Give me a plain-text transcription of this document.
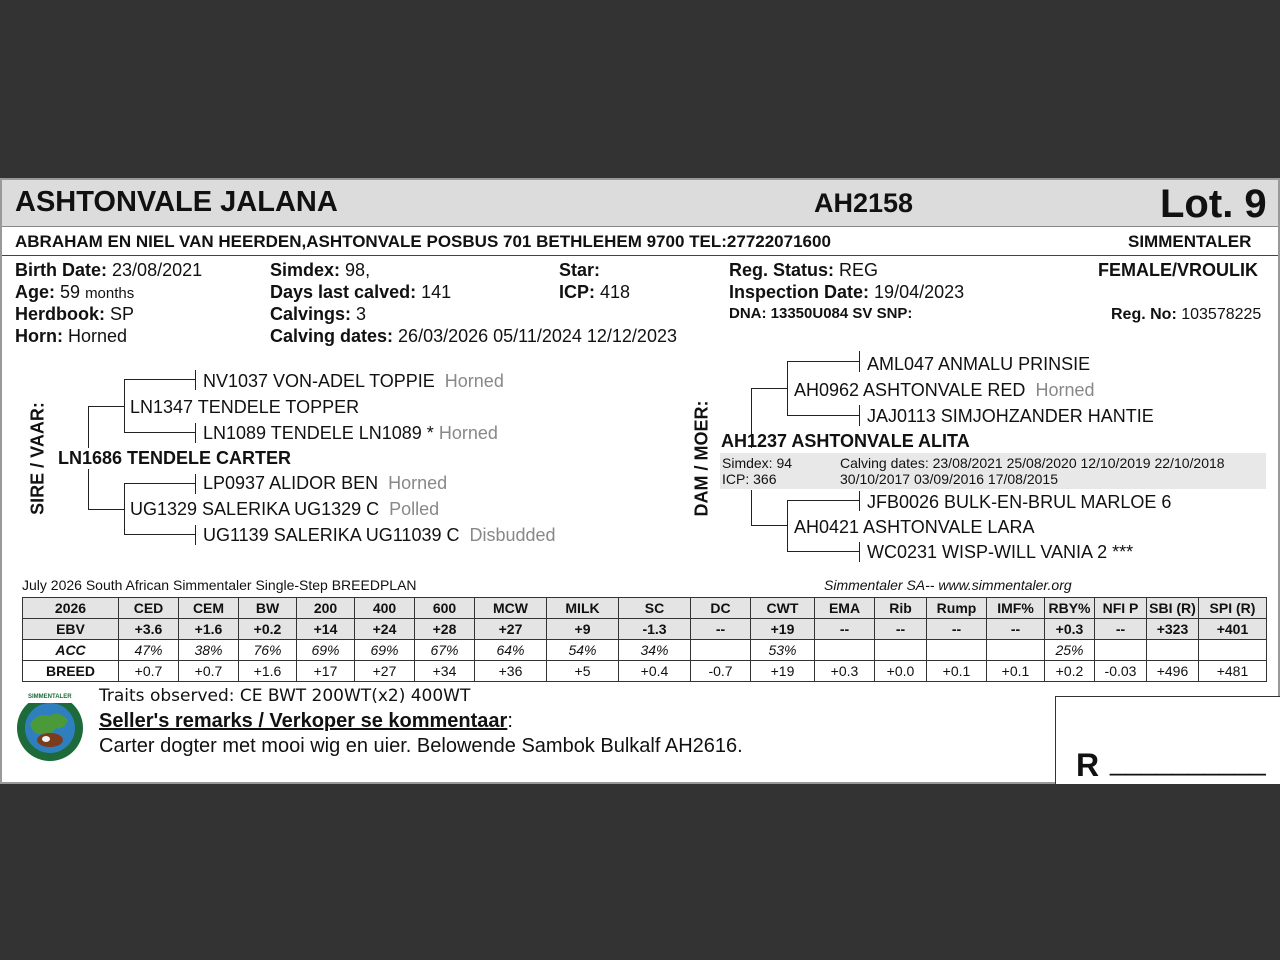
ASHTONVALE JALANA	AH2158	Lot. 9
ABRAHAM EN NIEL VAN HEERDEN,ASHTONVALE POSBUS 701 BETHLEHEM 9700 TEL:27722071600	SIMMENTALER
Birth Date: 23/08/2021
Age: 59 months
Herdbook: SP
Horn: Horned
Simdex: 98,
Days last calved: 141
Calvings: 3
Calving dates: 26/03/2026 05/11/2024 12/12/2023
Star:
ICP: 418
Reg. Status: REG
Inspection Date: 19/04/2023
DNA: 13350U084 SV SNP:
FEMALE/VROULIK
Reg. No: 103578225
SIRE / VAAR:
NV1037 VON-ADEL TOPPIE Horned
LN1347 TENDELE TOPPER
LN1089 TENDELE LN1089 * Horned
LN1686 TENDELE CARTER
LP0937 ALIDOR BEN Horned
UG1329 SALERIKA UG1329 C Polled
UG1139 SALERIKA UG11039 C Disbudded
DAM / MOER:
AML047 ANMALU PRINSIE
AH0962 ASHTONVALE RED Horned
JAJ0113 SIMJOHZANDER HANTIE
AH1237 ASHTONVALE ALITA
Simdex: 94
ICP: 366
Calving dates: 23/08/2021 25/08/2020 12/10/2019 22/10/2018
30/10/2017 03/09/2016 17/08/2015
JFB0026 BULK-EN-BRUL MARLOE 6
AH0421 ASHTONVALE LARA
WC0231 WISP-WILL VANIA 2 ***
July 2026 South African Simmentaler Single-Step BREEDPLAN	Simmentaler SA-- www.simmentaler.org
2026	CED	CEM	BW	200	400	600	MCW	MILK	SC	DC	CWT	EMA	Rib	Rump	IMF%	RBY%	NFI P	SBI (R)	SPI (R)
EBV	+3.6	+1.6	+0.2	+14	+24	+28	+27	+9	-1.3	--	+19	--	--	--	--	+0.3	--	+323	+401
ACC	47%	38%	76%	69%	69%	67%	64%	54%	34%		53%					25%			
BREED	+0.7	+0.7	+1.6	+17	+27	+34	+36	+5	+0.4	-0.7	+19	+0.3	+0.0	+0.1	+0.1	+0.2	-0.03	+496	+481
SIMMENTALER Traits observed: CE BWT 200WT(x2) 400WT
Seller's remarks / Verkoper se kommentaar:
Carter dogter met mooi wig en uier. Belowende Sambok Bulkalf AH2616.
R __________
